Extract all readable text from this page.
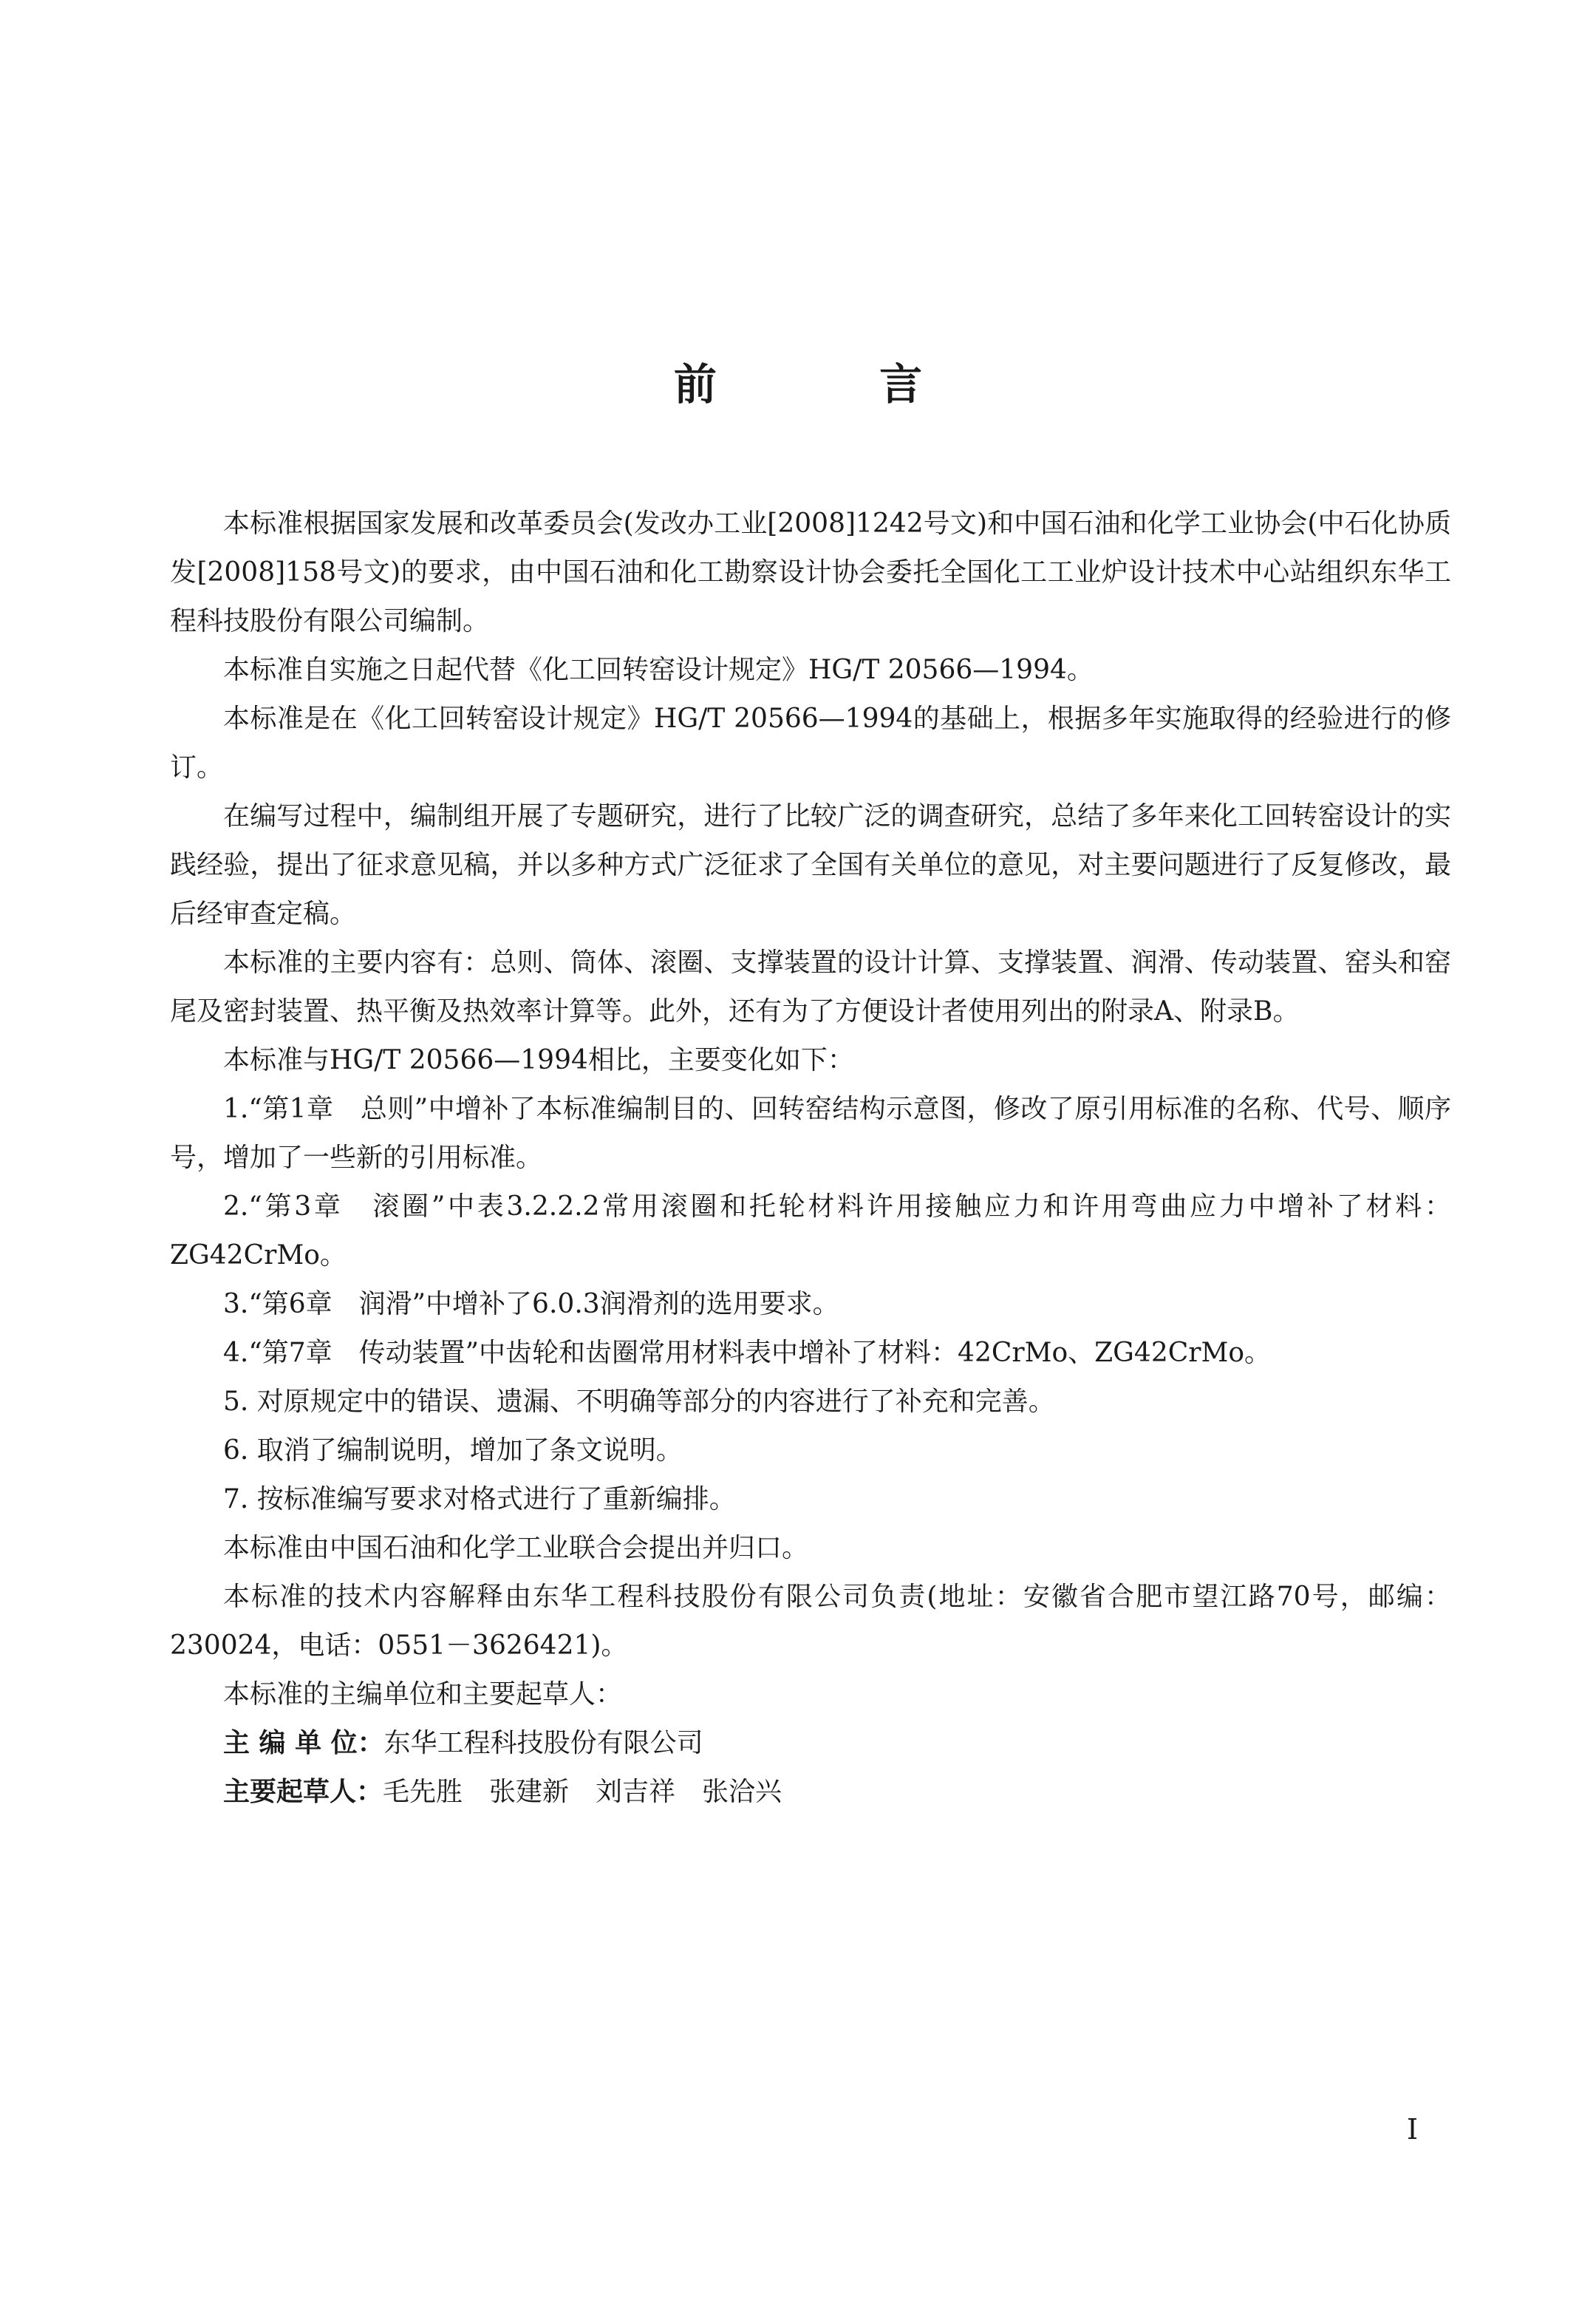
前 言

本标准根据国家发展和改革委员会(发改办工业[2008]1242号文)和中国石油和化学工业协会(中石化协质发[2008]158号文)的要求，由中国石油和化工勘察设计协会委托全国化工工业炉设计技术中心站组织东华工程科技股份有限公司编制。

本标准自实施之日起代替《化工回转窑设计规定》HG/T 20566—1994。

本标准是在《化工回转窑设计规定》HG/T 20566—1994的基础上，根据多年实施取得的经验进行的修订。

在编写过程中，编制组开展了专题研究，进行了比较广泛的调查研究，总结了多年来化工回转窑设计的实践经验，提出了征求意见稿，并以多种方式广泛征求了全国有关单位的意见，对主要问题进行了反复修改，最后经审查定稿。

本标准的主要内容有：总则、筒体、滚圈、支撑装置的设计计算、支撑装置、润滑、传动装置、窑头和窑尾及密封装置、热平衡及热效率计算等。此外，还有为了方便设计者使用列出的附录A、附录B。

本标准与HG/T 20566—1994相比，主要变化如下：

1.“第1章　总则”中增补了本标准编制目的、回转窑结构示意图，修改了原引用标准的名称、代号、顺序号，增加了一些新的引用标准。

2.“第3章　滚圈”中表3.2.2.2常用滚圈和托轮材料许用接触应力和许用弯曲应力中增补了材料：ZG42CrMo。

3.“第6章　润滑”中增补了6.0.3润滑剂的选用要求。

4.“第7章　传动装置”中齿轮和齿圈常用材料表中增补了材料：42CrMo、ZG42CrMo。

5. 对原规定中的错误、遗漏、不明确等部分的内容进行了补充和完善。

6. 取消了编制说明，增加了条文说明。

7. 按标准编写要求对格式进行了重新编排。

本标准由中国石油和化学工业联合会提出并归口。

本标准的技术内容解释由东华工程科技股份有限公司负责(地址：安徽省合肥市望江路70号，邮编：230024，电话：0551－3626421)。

本标准的主编单位和主要起草人：

主 编 单 位：东华工程科技股份有限公司

主要起草人：毛先胜　张建新　刘吉祥　张洽兴

I
